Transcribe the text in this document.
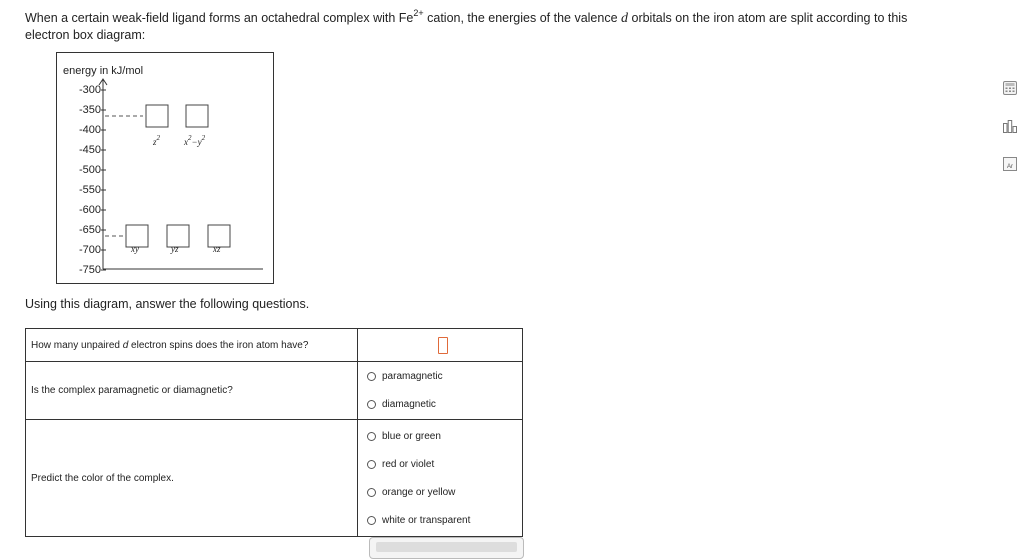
When a certain weak-field ligand forms an octahedral complex with $Fe^{2+}$ cation, the energies of the valence d orbitals on the iron atom are split according to this electron box diagram:
energy in kJ/mol
-300
-350
-400
-450
-500
-550
-600
-650
-700
-750
$z^2$	$x^2-y^2$
xy	yz	xz
Using this diagram, answer the following questions.
How many unpaired d electron spins does the iron atom have?	

Is the complex paramagnetic or diamagnetic?	paramagnetic
diamagnetic

Predict the color of the complex.	blue or green
red or violet
orange or yellow
white or transparent
Ar
